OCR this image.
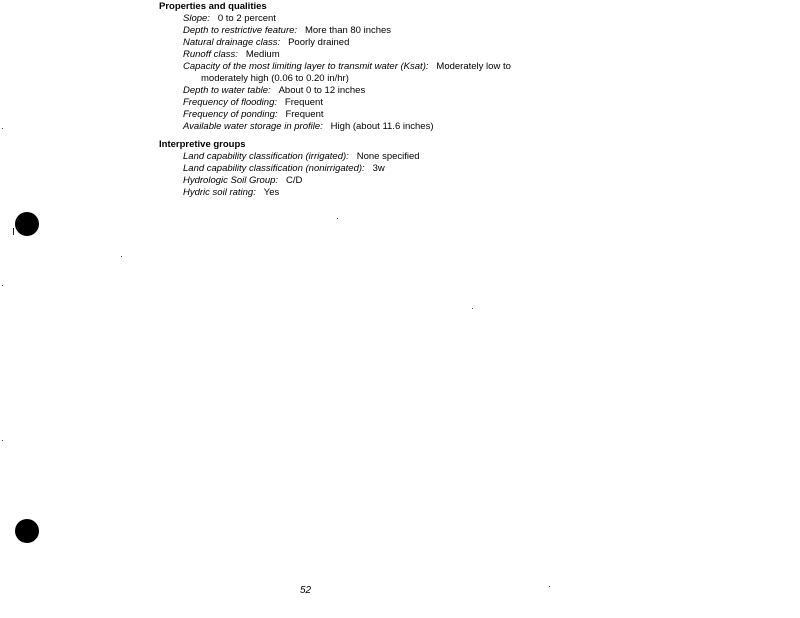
Properties and qualities
Slope:   0 to 2 percent
Depth to restrictive feature:   More than 80 inches
Natural drainage class:   Poorly drained
Runoff class:   Medium
Capacity of the most limiting layer to transmit water (Ksat):   Moderately low to
moderately high (0.06 to 0.20 in/hr)
Depth to water table:   About 0 to 12 inches
Frequency of flooding:   Frequent
Frequency of ponding:   Frequent
Available water storage in profile:   High (about 11.6 inches)
Interpretive groups
Land capability classification (irrigated):   None specified
Land capability classification (nonirrigated):   3w
Hydrologic Soil Group:   C/D
Hydric soil rating:   Yes
52
